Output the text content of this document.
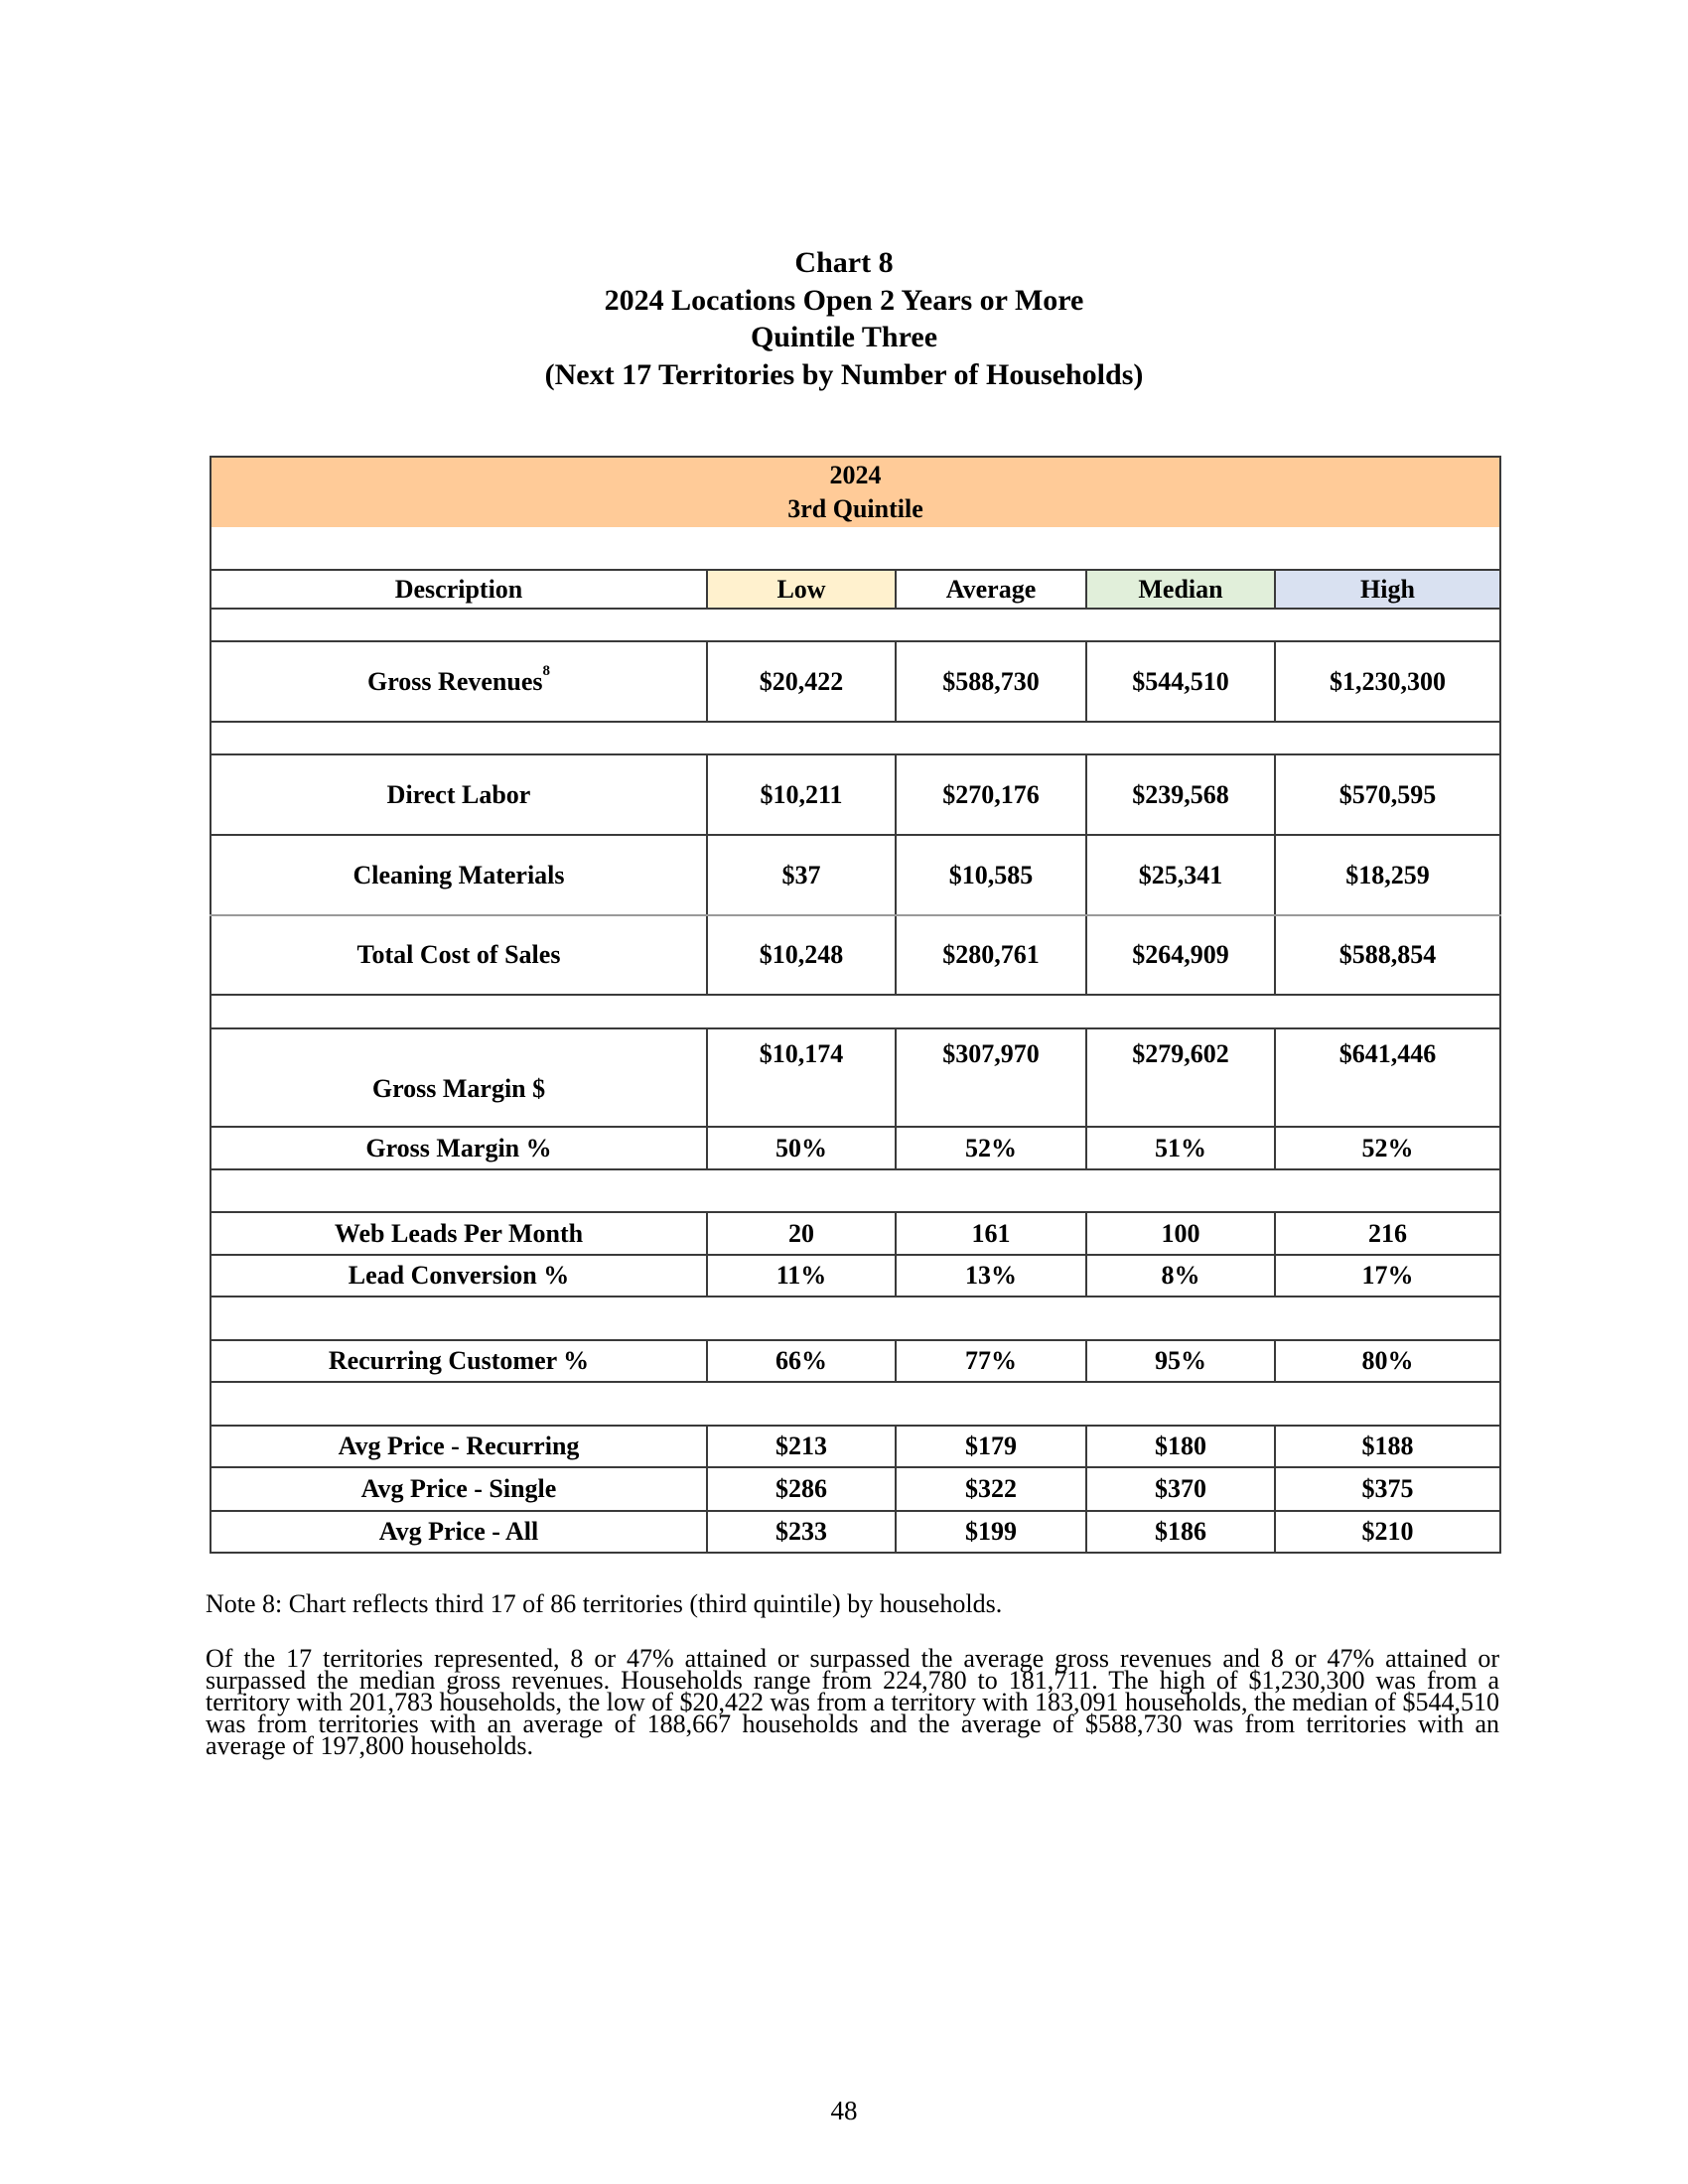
Chart 8
2024 Locations Open 2 Years or More
Quintile Three
(Next 17 Territories by Number of Households)
2024
3rd Quintile				

Description	Low	Average	Median	High

Gross Revenues$^8$	$20,422	$588,730	$544,510	$1,230,300

Direct Labor	$10,211	$270,176	$239,568	$570,595
Cleaning Materials	$37	$10,585	$25,341	$18,259
Total Cost of Sales	$10,248	$280,761	$264,909	$588,854

Gross Margin $	$10,174	$307,970	$279,602	$641,446
Gross Margin %	50%	52%	51%	52%

Web Leads Per Month	20	161	100	216
Lead Conversion %	11%	13%	8%	17%

Recurring Customer %	66%	77%	95%	80%

Avg Price - Recurring	$213	$179	$180	$188
Avg Price - Single	$286	$322	$370	$375
Avg Price - All	$233	$199	$186	$210

Note 8: Chart reflects third 17 of 86 territories (third quintile) by households.

Of the 17 territories represented, 8 or 47% attained or surpassed the average gross revenues and 8 or 47% attained or surpassed the median gross revenues. Households range from 224,780 to 181,711. The high of $1,230,300 was from a territory with 201,783 households, the low of $20,422 was from a territory with 183,091 households, the median of $544,510 was from territories with an average of 188,667 households and the average of $588,730 was from territories with an average of 197,800 households.

48
